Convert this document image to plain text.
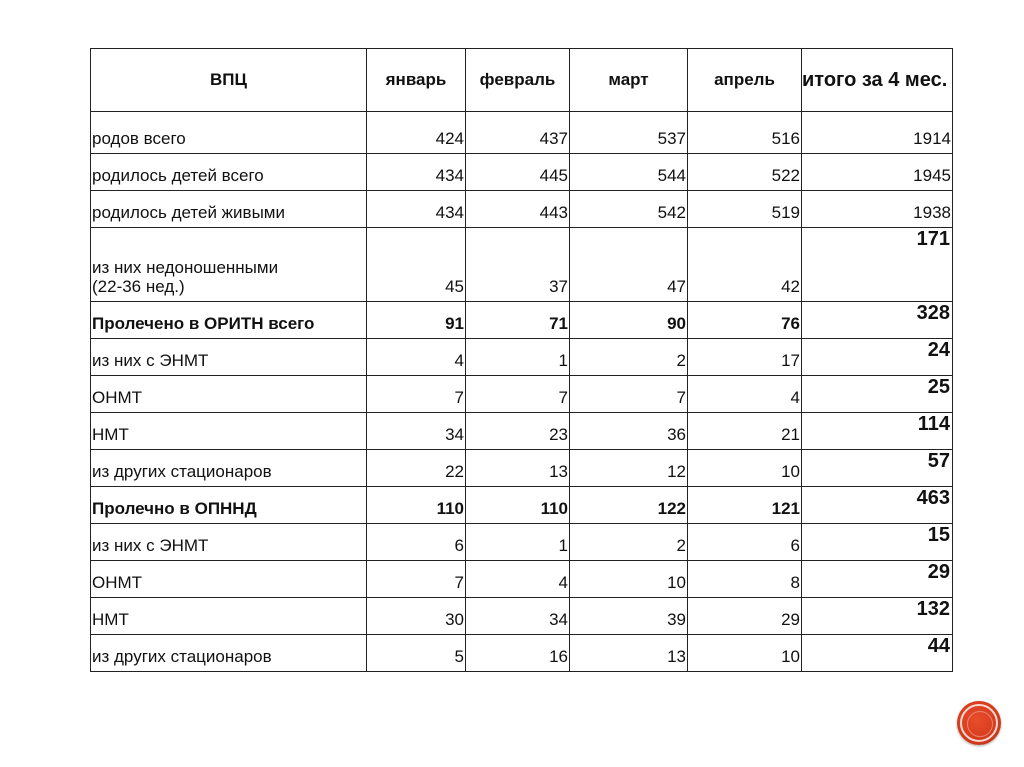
ВПЦ	январь	февраль	март	апрель	итого за 4 мес.
родов всего	424	437	537	516	1914
родилось детей всего	434	445	544	522	1945
родилось детей живыми	434	443	542	519	1938

из них недоношенными
(22-36 нед.)	45	37	47	42	171
Пролечено в ОРИТН всего	91	71	90	76	328
из них с ЭНМТ	4	1	2	17	24
ОНМТ	7	7	7	4	25
НМТ	34	23	36	21	114
из других стационаров	22	13	12	10	57
Пролечно в ОПННД	110	110	122	121	463
из них с ЭНМТ	6	1	2	6	15
ОНМТ	7	4	10	8	29
НМТ	30	34	39	29	132
из других стационаров	5	16	13	10	44
